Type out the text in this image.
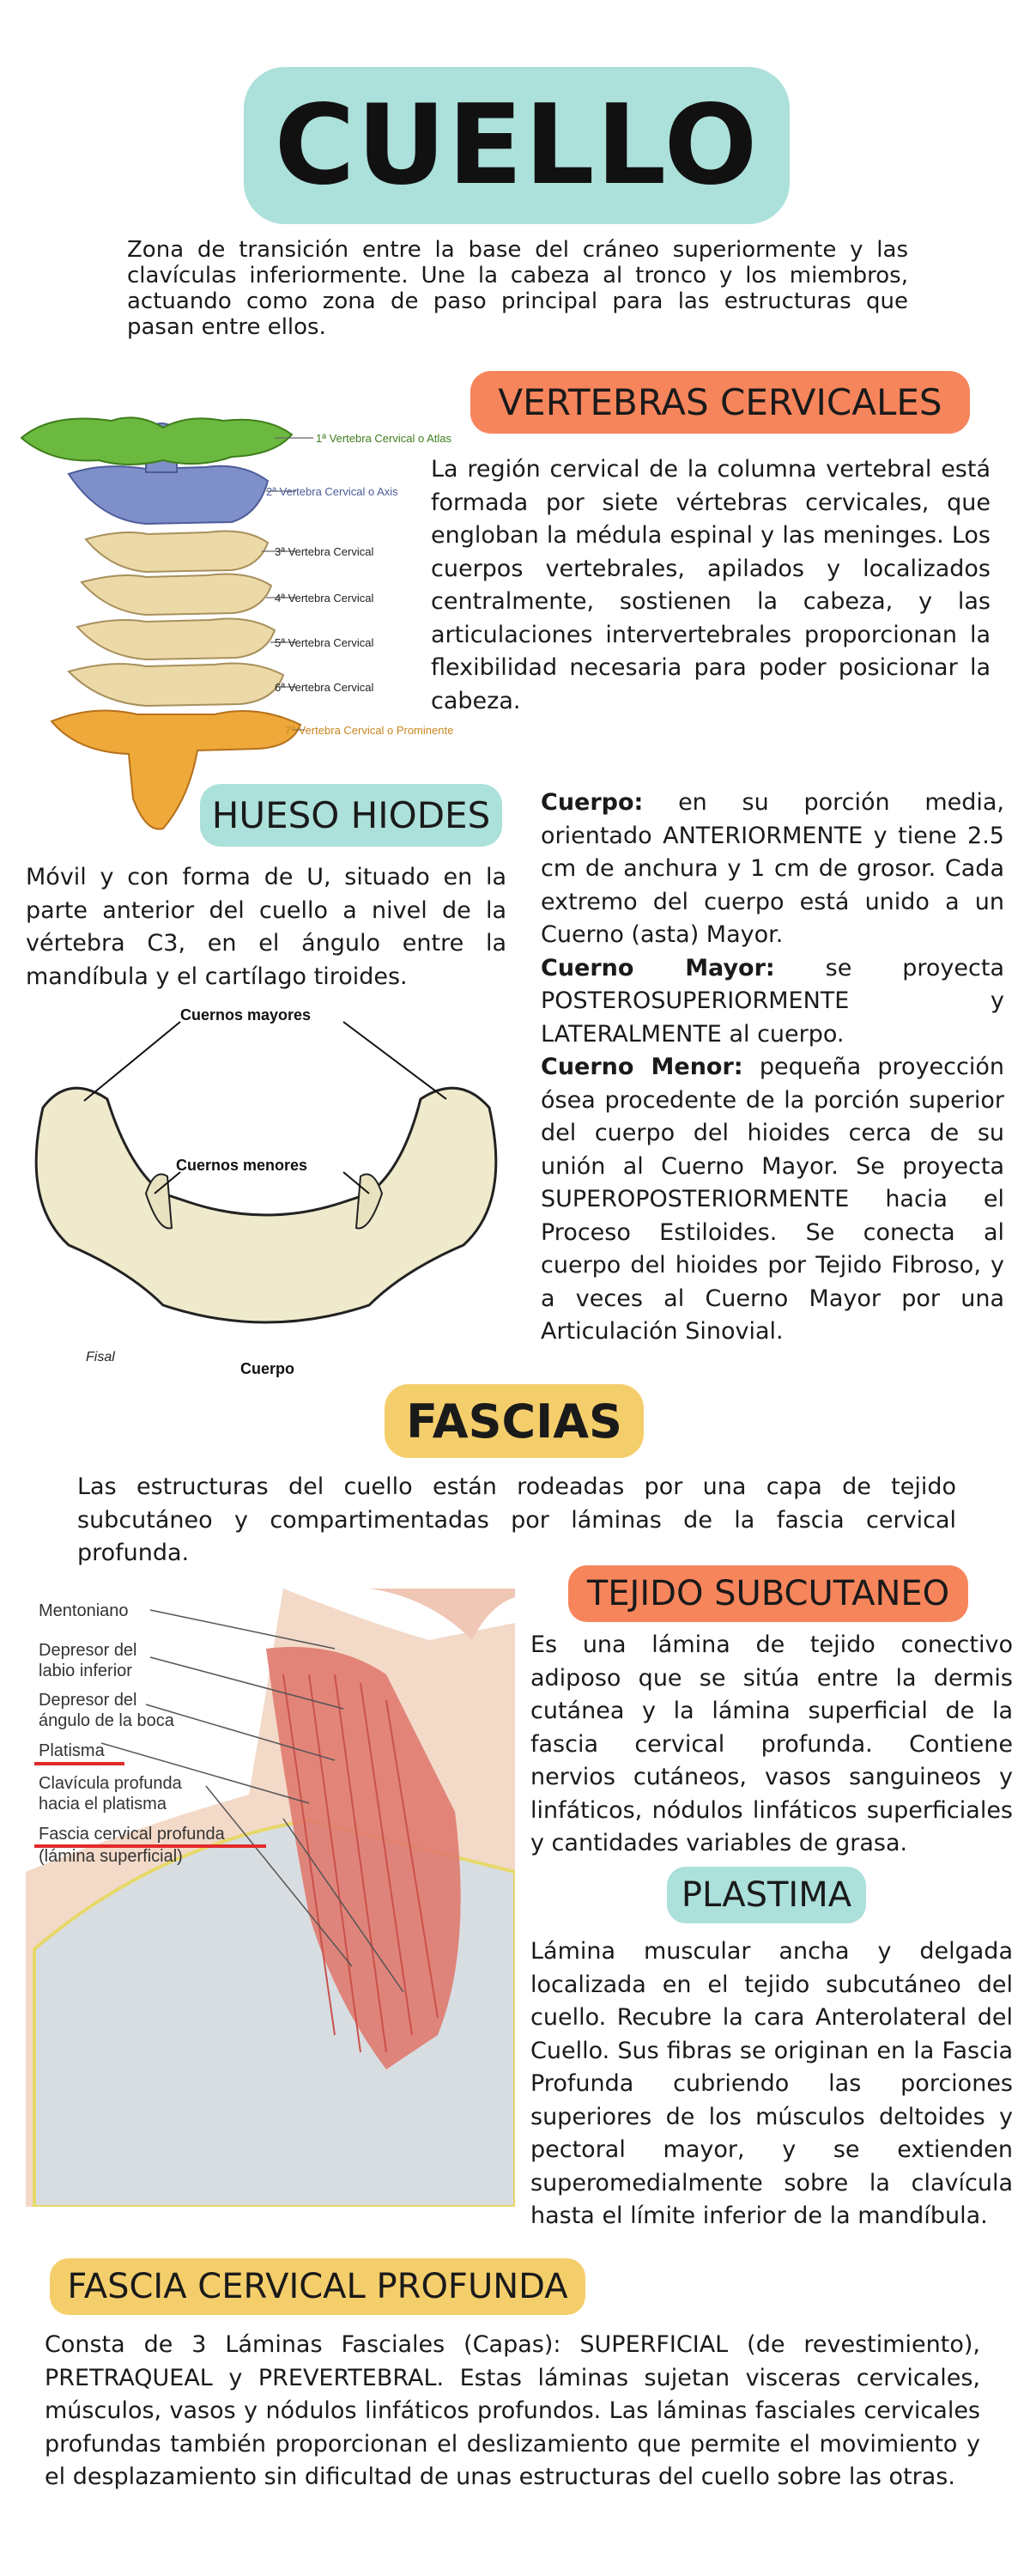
CUELLO
Zona de transición entre la base del cráneo superiormente y las clavículas inferiormente. Une la cabeza al tronco y los miembros, actuando como zona de paso principal para las estructuras que pasan entre ellos.
VERTEBRAS CERVICALES
1ª Vertebra Cervical o Atlas
2ª Vertebra Cervical o Axis
3ª Vertebra Cervical
4ª Vertebra Cervical
5ª Vertebra Cervical
6ª Vertebra Cervical
7ª Vertebra Cervical o Prominente
La región cervical de la columna vertebral está formada por siete vértebras cervicales, que engloban la médula espinal y las meninges. Los cuerpos vertebrales, apilados y localizados centralmente, sostienen la cabeza, y las articulaciones intervertebrales proporcionan la flexibilidad necesaria para poder posicionar la cabeza.
HUESO HIODES
Móvil y con forma de U, situado en la parte anterior del cuello a nivel de la vértebra C3, en el ángulo entre la mandíbula y el cartílago tiroides.
Cuernos mayores
Cuernos menores
Cuerpo
Fisal
Cuerpo: en su porción media, orientado ANTERIORMENTE y tiene 2.5 cm de anchura y 1 cm de grosor. Cada extremo del cuerpo está unido a un Cuerno (asta) Mayor.
Cuerno Mayor: se proyecta POSTEROSUPERIORMENTE y LATERALMENTE al cuerpo.
Cuerno Menor: pequeña proyección ósea procedente de la porción superior del cuerpo del hioides cerca de su unión al Cuerno Mayor. Se proyecta SUPEROPOSTERIORMENTE hacia el Proceso Estiloides. Se conecta al cuerpo del hioides por Tejido Fibroso, y a veces al Cuerno Mayor por una Articulación Sinovial.
FASCIAS
Las estructuras del cuello están rodeadas por una capa de tejido subcutáneo y compartimentadas por láminas de la fascia cervical profunda.
Mentoniano
Depresor del labio inferior
Depresor del ángulo de la boca
Platisma
Clavícula profunda hacia el platisma
Fascia cervical profunda
(lámina superficial)
TEJIDO SUBCUTANEO
Es una lámina de tejido conectivo adiposo que se sitúa entre la dermis cutánea y la lámina superficial de la fascia cervical profunda. Contiene nervios cutáneos, vasos sanguineos y linfáticos, nódulos linfáticos superficiales y cantidades variables de grasa.
PLASTIMA
Lámina muscular ancha y delgada localizada en el tejido subcutáneo del cuello. Recubre la cara Anterolateral del Cuello. Sus fibras se originan en la Fascia Profunda cubriendo las porciones superiores de los músculos deltoides y pectoral mayor, y se extienden superomedialmente sobre la clavícula hasta el límite inferior de la mandíbula.
FASCIA CERVICAL PROFUNDA
Consta de 3 Láminas Fasciales (Capas): SUPERFICIAL (de revestimiento), PRETRAQUEAL y PREVERTEBRAL. Estas láminas sujetan visceras cervicales, músculos, vasos y nódulos linfáticos profundos. Las láminas fasciales cervicales profundas también proporcionan el deslizamiento que permite el movimiento y el desplazamiento sin dificultad de unas estructuras del cuello sobre las otras.
